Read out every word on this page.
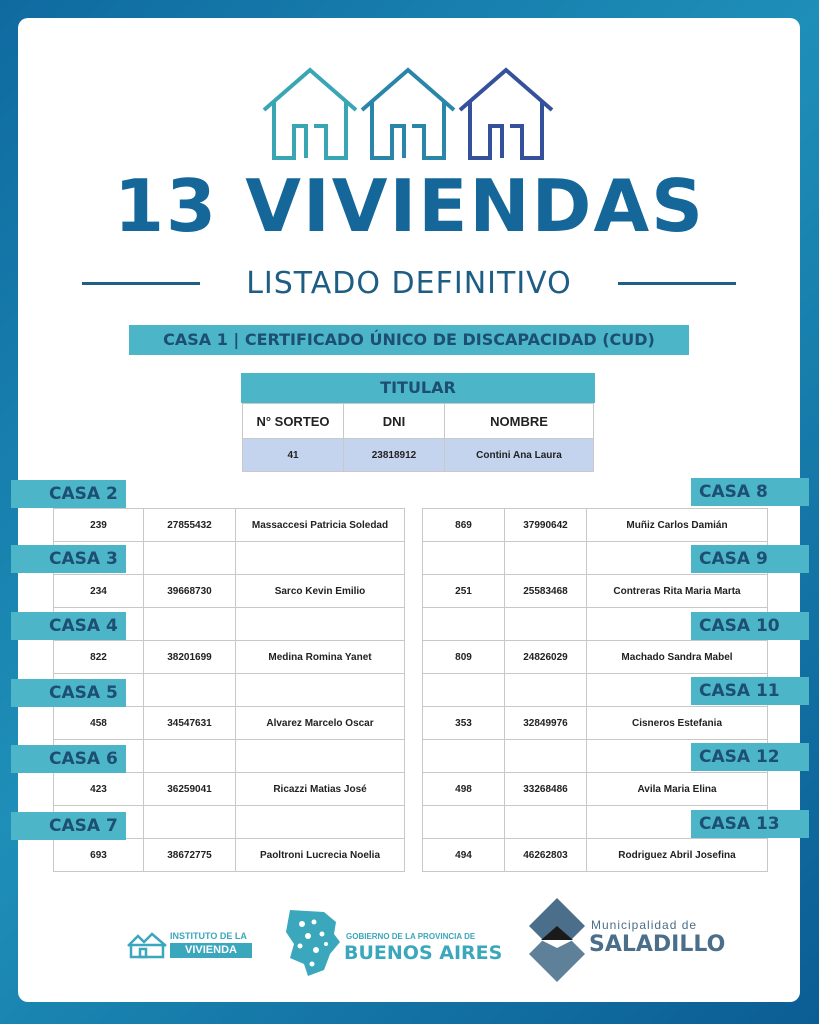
13 VIVIENDAS
LISTADO DEFINITIVO
CASA 1 | CERTIFICADO ÚNICO DE DISCAPACIDAD (CUD)
TITULAR
N° SORTEO	DNI	NOMBRE
41	23818912	Contini Ana Laura
239	27855432	Massaccesi Patricia Soledad

234	39668730	Sarco Kevin Emilio

822	38201699	Medina Romina Yanet

458	34547631	Alvarez Marcelo Oscar

423	36259041	Ricazzi Matias José

693	38672775	Paoltroni Lucrecia Noelia
869	37990642	Muñiz Carlos Damián

251	25583468	Contreras Rita Maria Marta

809	24826029	Machado Sandra Mabel

353	32849976	Cisneros Estefania

498	33268486	Avila Maria Elina

494	46262803	Rodriguez Abril Josefina
CASA 2
CASA 3
CASA 4
CASA 5
CASA 6
CASA 7
CASA 8
CASA 9
CASA 10
CASA 11
CASA 12
CASA 13
INSTITUTO DE LA
VIVIENDA
GOBIERNO DE LA PROVINCIA DE
BUENOS AIRES
Municipalidad de
SALADILLO
